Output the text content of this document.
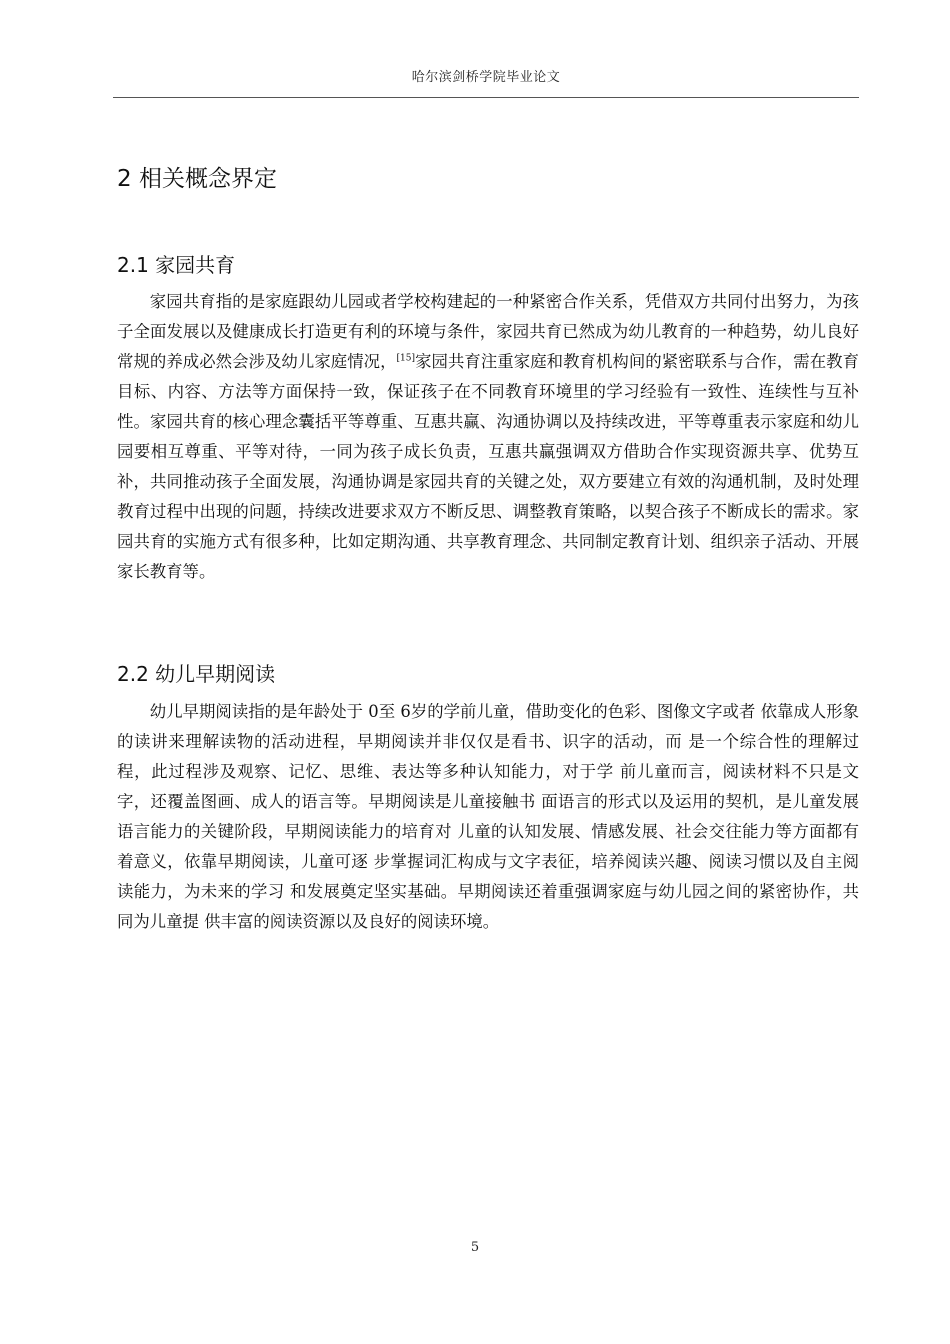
哈尔滨剑桥学院毕业论文
2 相关概念界定
2.1 家园共育

家园共育指的是家庭跟幼儿园或者学校构建起的一种紧密合作关系，凭借双方共同付出努力，为孩子全面发展以及健康成长打造更有利的环境与条件，家园共育已然成为幼儿教育的一种趋势，幼儿良好常规的养成必然会涉及幼儿家庭情况，[15]家园共育注重家庭和教育机构间的紧密联系与合作，需在教育目标、内容、方法等方面保持一致，保证孩子在不同教育环境里的学习经验有一致性、连续性与互补性。家园共育的核心理念囊括平等尊重、互惠共赢、沟通协调以及持续改进，平等尊重表示家庭和幼儿园要相互尊重、平等对待，一同为孩子成长负责，互惠共赢强调双方借助合作实现资源共享、优势互补，共同推动孩子全面发展，沟通协调是家园共育的关键之处，双方要建立有效的沟通机制，及时处理教育过程中出现的问题，持续改进要求双方不断反思、调整教育策略，以契合孩子不断成长的需求。家园共育的实施方式有很多种，比如定期沟通、共享教育理念、共同制定教育计划、组织亲子活动、开展家长教育等。

2.2 幼儿早期阅读

幼儿早期阅读指的是年龄处于 0至 6岁的学前儿童，借助变化的色彩、图像文字或者 依靠成人形象的读讲来理解读物的活动进程，早期阅读并非仅仅是看书、识字的活动，而 是一个综合性的理解过程，此过程涉及观察、记忆、思维、表达等多种认知能力，对于学 前儿童而言，阅读材料不只是文字，还覆盖图画、成人的语言等。早期阅读是儿童接触书 面语言的形式以及运用的契机，是儿童发展语言能力的关键阶段，早期阅读能力的培育对 儿童的认知发展、情感发展、社会交往能力等方面都有着意义，依靠早期阅读，儿童可逐 步掌握词汇构成与文字表征，培养阅读兴趣、阅读习惯以及自主阅读能力，为未来的学习 和发展奠定坚实基础。早期阅读还着重强调家庭与幼儿园之间的紧密协作，共同为儿童提 供丰富的阅读资源以及良好的阅读环境。

5
